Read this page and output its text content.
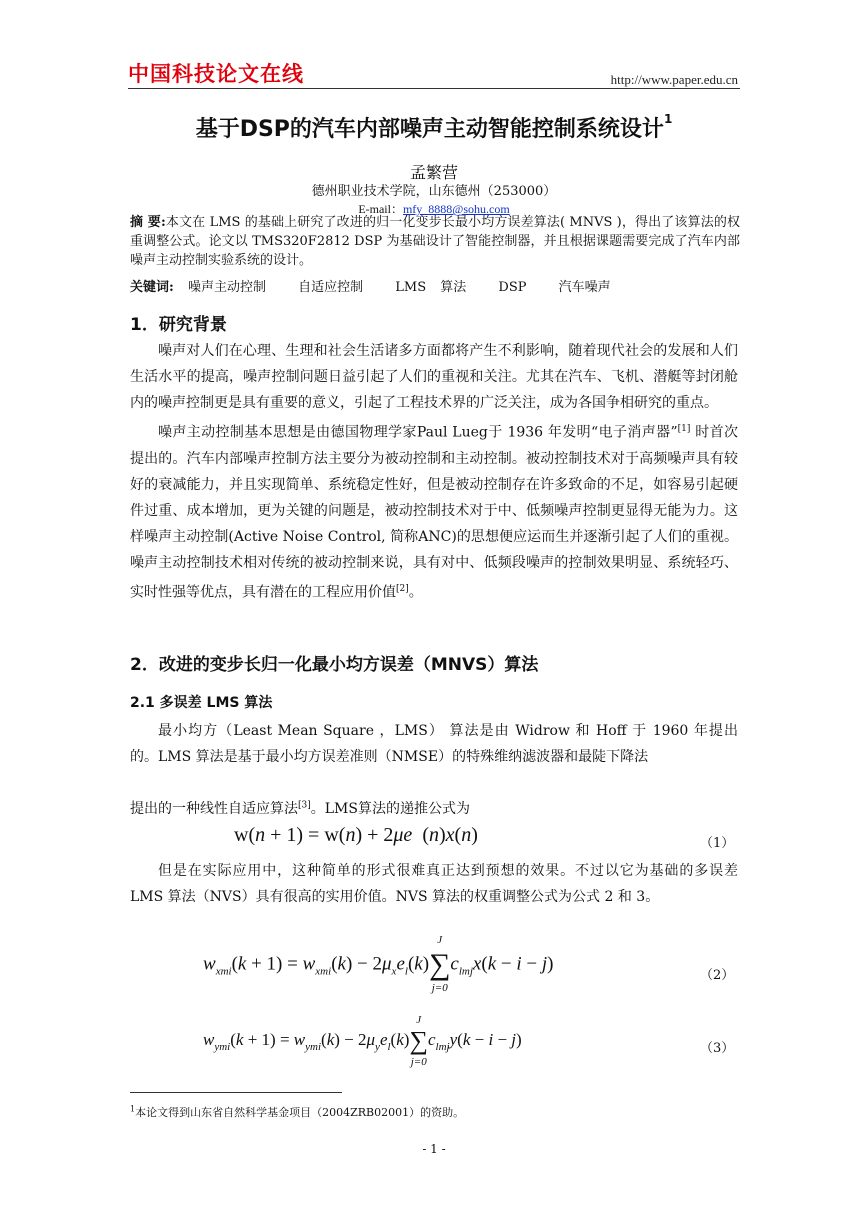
中国科技论文在线	http://www.paper.edu.cn
基于DSP的汽车内部噪声主动智能控制系统设计$^1$
孟繁营
德州职业技术学院，山东德州（253000）
E-mail：mfy_8888@sohu.com
摘 要:本文在 LMS 的基础上研究了改进的归一化变步长最小均方误差算法( MNVS )，得出了该算法的权重调整公式。论文以 TMS320F2812 DSP 为基础设计了智能控制器，并且根据课题需要完成了汽车内部噪声主动控制实验系统的设计。
关键词: 噪声主动控制 自适应控制 LMS 算法 DSP 汽车噪声
1．研究背景

噪声对人们在心理、生理和社会生活诸多方面都将产生不利影响，随着现代社会的发展和人们生活水平的提高，噪声控制问题日益引起了人们的重视和关注。尤其在汽车、飞机、潜艇等封闭舱内的噪声控制更是具有重要的意义，引起了工程技术界的广泛关注，成为各国争相研究的重点。

噪声主动控制基本思想是由德国物理学家Paul Lueg于 1936 年发明“电子消声器”[1] 时首次提出的。汽车内部噪声控制方法主要分为被动控制和主动控制。被动控制技术对于高频噪声具有较好的衰减能力，并且实现简单、系统稳定性好，但是被动控制存在许多致命的不足，如容易引起硬件过重、成本增加，更为关键的问题是，被动控制技术对于中、低频噪声控制更显得无能为力。这样噪声主动控制(Active Noise Control, 简称ANC)的思想便应运而生并逐渐引起了人们的重视。噪声主动控制技术相对传统的被动控制来说，具有对中、低频段噪声的控制效果明显、系统轻巧、实时性强等优点，具有潜在的工程应用价值[2]。

2．改进的变步长归一化最小均方误差（MNVS）算法
2.1 多误差 LMS 算法

最小均方（Least Mean Square ，LMS） 算法是由 Widrow 和 Hoff 于 1960 年提出的。LMS 算法是基于最小均方误差准则（NMSE）的特殊维纳滤波器和最陡下降法

提出的一种线性自适应算法[3]。LMS算法的递推公式为
w(n + 1) = w(n) + 2μe  (n)x(n)	（1）

但是在实际应用中，这种简单的形式很难真正达到预想的效果。不过以它为基础的多误差 LMS 算法（NVS）具有很高的实用价值。NVS 算法的权重调整公式为公式 2 和 3。

$w_{xmi}(k + 1) = w_{xmi}(k) - 2\mu_xe_l(k)\sum$
J
j=0
$c_{lmj}x(k - i - j)$
（2）
$w_{ymi}(k + 1) = w_{ymi}(k) - 2\mu_ye_l(k)\sum$
J
j=0
$c_{lmj}y(k - i - j)$	（3）
$^1$本论文得到山东省自然科学基金项目（2004ZRB02001）的资助。
- 1 -
